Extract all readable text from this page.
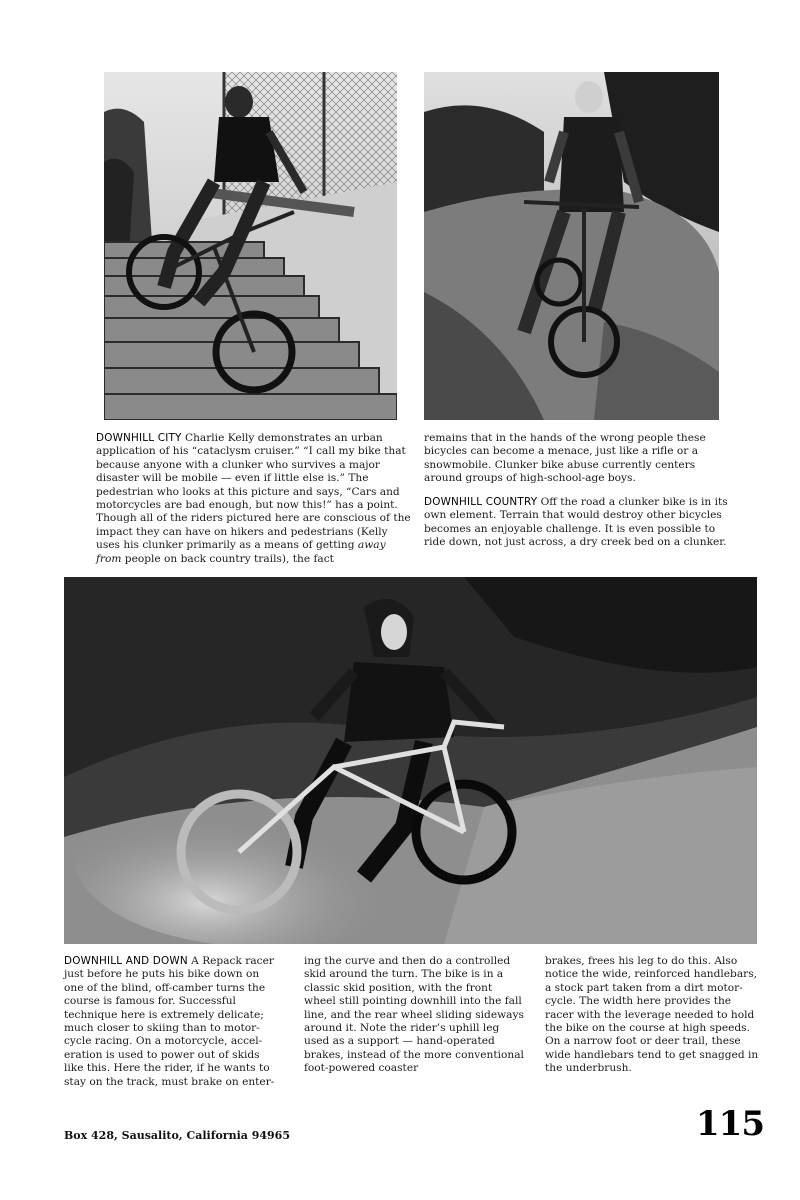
DOWNHILL CITY Charlie Kelly demonstrates an urban application of his “cataclysm cruiser.” “I call my bike that because anyone with a clunker who survives a major disaster will be mobile — even if little else is.” The pedestrian who looks at this picture and says, “Cars and motorcycles are bad enough, but now this!” has a point. Though all of the riders pictured here are conscious of the impact they can have on hikers and pedestrians (Kelly uses his clunker primarily as a means of getting away from people on back country trails), the fact

remains that in the hands of the wrong people these bicycles can become a menace, just like a rifle or a snowmobile. Clunker bike abuse currently centers around groups of high-school-age boys.

DOWNHILL COUNTRY Off the road a clunker bike is in its own element. Terrain that would destroy other bicycles becomes an enjoyable challenge. It is even possible to ride down, not just across, a dry creek bed on a clunker.

DOWNHILL AND DOWN A Repack racer just before he puts his bike down on one of the blind, off-camber turns the course is famous for. Successful technique here is extremely delicate; much closer to skiing than to motor-cycle racing. On a motorcycle, accel-eration is used to power out of skids like this. Here the rider, if he wants to stay on the track, must brake on enter-

ing the curve and then do a controlled skid around the turn. The bike is in a classic skid position, with the front wheel still pointing downhill into the fall line, and the rear wheel sliding sideways around it. Note the rider’s uphill leg used as a support — hand-operated brakes, instead of the more conventional foot-powered coaster

brakes, frees his leg to do this. Also notice the wide, reinforced handlebars, a stock part taken from a dirt motor-cycle. The width here provides the racer with the leverage needed to hold the bike on the course at high speeds. On a narrow foot or deer trail, these wide handlebars tend to get snagged in the underbrush.

Box 428, Sausalito, California 94965	115
